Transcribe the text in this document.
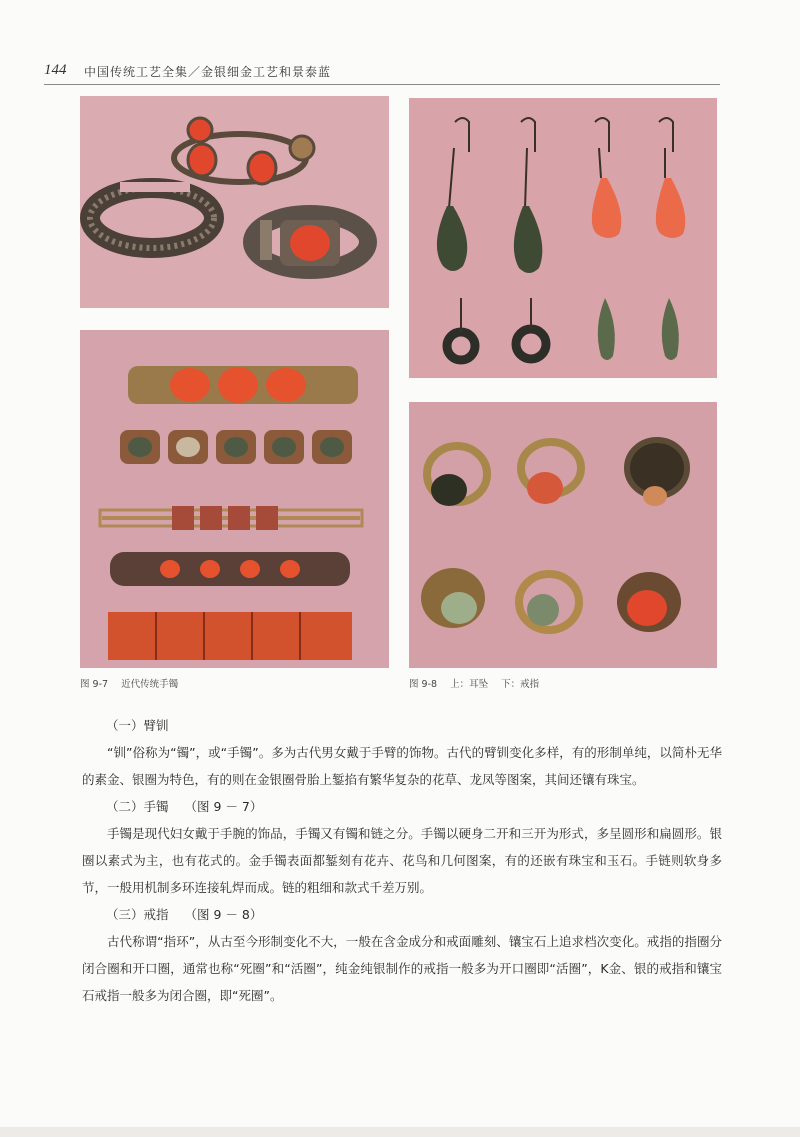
144 中国传统工艺全集／金银细金工艺和景泰蓝
图 9-7 近代传统手镯	图 9-8 上：耳坠 下：戒指
（一）臂钏

“钏”俗称为“镯”，或“手镯”。多为古代男女戴于手臂的饰物。古代的臂钏变化多样，有的形制单纯，以简朴无华的素金、银圈为特色，有的则在金银圈骨胎上錾掐有繁华复杂的花草、龙凤等图案，其间还镶有珠宝。

（二）手镯 （图 9 － 7）

手镯是现代妇女戴于手腕的饰品，手镯又有镯和链之分。手镯以硬身二开和三开为形式，多呈圆形和扁圆形。银圈以素式为主，也有花式的。金手镯表面都錾刻有花卉、花鸟和几何图案，有的还嵌有珠宝和玉石。手链则软身多节，一般用机制多环连接轧焊而成。链的粗细和款式千差万别。

（三）戒指 （图 9 － 8）

古代称谓“指环”，从古至今形制变化不大，一般在含金成分和戒面雕刻、镶宝石上追求档次变化。戒指的指圈分闭合圈和开口圈，通常也称“死圈”和“活圈”，纯金纯银制作的戒指一般多为开口圈即“活圈”，K金、银的戒指和镶宝石戒指一般多为闭合圈，即“死圈”。
